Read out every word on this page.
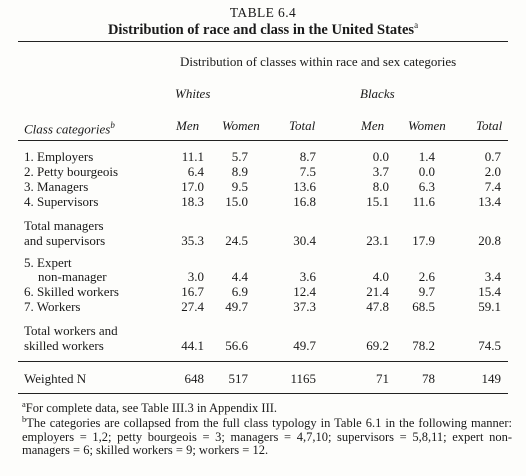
TABLE 6.4
Distribution of race and class in the United States$^a$
Distribution of classes within race and sex categories
Whites	Blacks
Class categories$^b$	Men Women Total	Men Women Total
1. Employers	11.1	5.7	8.7	0.0	1.4	0.7
2. Petty bourgeois	6.4	8.9	7.5	3.7	0.0	2.0
3. Managers	17.0	9.5	13.6	8.0	6.3	7.4
4. Supervisors	18.3	15.0	16.8	15.1	11.6	13.4
Total managers
and supervisors	35.3	24.5	30.4	23.1	17.9	20.8
5. Expert
non-manager	3.0	4.4	3.6	4.0	2.6	3.4
6. Skilled workers	16.7	6.9	12.4	21.4	9.7	15.4
7. Workers	27.4	49.7	37.3	47.8	68.5	59.1
Total workers and
skilled workers	44.1	56.6	49.7	69.2	78.2	74.5
Weighted N	648	517	1165	71	78	149
$^a$For complete data, see Table III.3 in Appendix III.
$^b$The categories are collapsed from the full class typology in Table 6.1 in the following manner: employers = 1,2; petty bourgeois = 3; managers = 4,7,10; supervisors = 5,8,11; expert non-managers = 6; skilled workers = 9; workers = 12.
